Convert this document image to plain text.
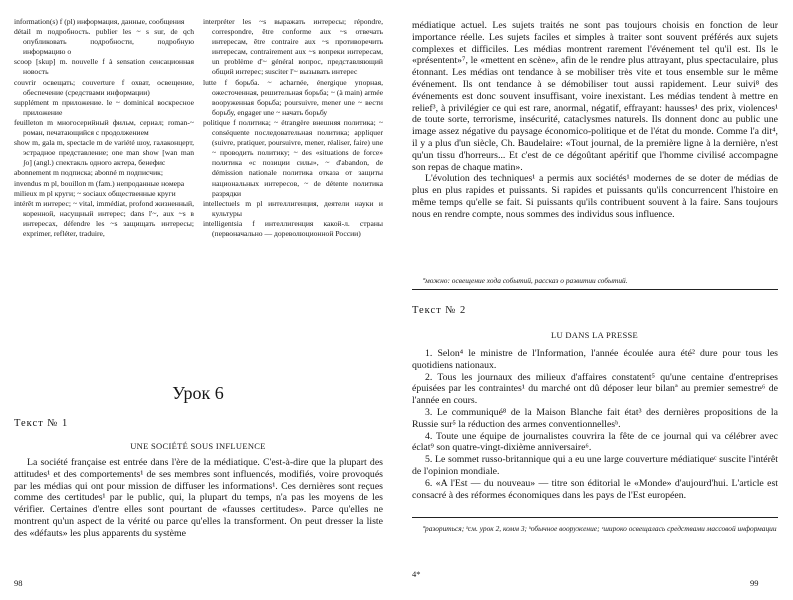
information(s) f (pl) информация, данные, сообщения
détail m подробность. publier les ~ s sur, de qch опубликовать подробности, подробную информацию о
scoop [skup] m. nouvelle f à sensation сенсационная новость
couvrir освещать; couverture f охват, освещение, обеспечение (средствами информации)
supplément m приложение. le ~ dominical воскресное приложение
feuilleton m многосерийный фильм, сериал; roman-~ роман, печатающийся с продолжением
show m, gala m, spectacle m de variété шоу, галаконцерт, эстрадное представление; one man show [wan man ʃo] (angl.) спектакль одного актера, бенефис
abonnement m подписка; abonné m подписчик;
invendus m pl, bouillon m (fam.) непроданные номера
milieux m pl круги; ~ sociaux общественные круги
intérêt m интерес; ~ vital, immédiat, profond жизненный, коренной, насущный интерес; dans l'~, aux ~s в интересах, défendre les ~s защищать интересы; exprimer, refléter, traduire,
interpréter les ~s выражать интересы; répondre, correspondre, être conforme aux ~s отвечать интересам, être contraire aux ~s противоречить интересам, contrairement aux ~s вопреки интересам, un problème d'~ général вопрос, представляющий общий интерес; susciter l'~ вызывать интерес
lutte f борьба. ~ acharnée, énergique упорная, ожесточенная, решительная борьба; ~ (à main) armée вооруженная борьба; poursuivre, mener une ~ вести борьбу, engager une ~ начать борьбу
politique f политика; ~ étrangère внешняя политика; ~ conséquente последовательная политика; appliquer (suivre, pratiquer, poursuivre, mener, réaliser, faire) une ~ проводить политику; ~ des «situations de force» политика «с позиции силы», ~ d'abandon, de démission nationale политика отказа от защиты национальных интересов, ~ de détente политика разрядки
intellectuels m pl интеллигенция, деятели науки и культуры
intelligentsia f интеллигенция какой-л. страны (первоначально — дореволюционной России)
Урок 6
Текст № 1
UNE SOCIÉTÉ SOUS INFLUENCE

La société française est entrée dans l'ère de la médiatique. C'est-à-dire que la plupart des attitudes¹ et des comportements¹ de ses membres sont influencés, modifiés, voire provoqués par les médias qui ont pour mission de diffuser les informations¹. Ces dernières sont reçues comme des certitudes¹ par le public, qui, la plupart du temps, n'a pas les moyens de les vérifier. Certaines d'entre elles sont pourtant de «fausses certitudes». Parce qu'elles ne montrent qu'un aspect de la vérité ou parce qu'elles la transforment. On peut dresser la liste des «défauts» les plus apparents du système

98

médiatique actuel. Les sujets traités ne sont pas toujours choisis en fonction de leur importance réelle. Les sujets faciles et simples à traiter sont souvent préférés aux sujets complexes et difficiles. Les médias montrent rarement l'événement tel qu'il est. Ils le «présentent»⁷, le «mettent en scène», afin de le rendre plus attrayant, plus spectaculaire, plus étonnant. Les médias ont tendance à se mobiliser très vite et tous ensemble sur le même événement. Ils ont tendance à se démobiliser tout aussi rapidement. Leur suivi⁸ des événements est donc souvent insuffisant, voire inexistant. Les médias tendent à mettre en relief³, à privilégier ce qui est rare, anormal, négatif, effrayant: hausses¹ des prix, violences¹ de toute sorte, terrorisme, insécurité, cataclysmes naturels. Ils donnent donc au public une image assez négative du paysage économico-politique et de l'état du monde. Comme l'a dit⁴, il y a plus d'un siècle, Ch. Baudelaire: «Tout journal, de la première ligne à la dernière, n'est qu'un tissu d'horreurs... Et c'est de ce dégoûtant apéritif que l'homme civilisé accompagne son repas de chaque matin».

L'évolution des techniques¹ a permis aux sociétés¹ modernes de se doter de médias de plus en plus rapides et puissants. Si rapides et puissants qu'ils concurrencent l'histoire en même temps qu'elle se fait. Si puissants qu'ils contribuent souvent à la faire. Sans toujours nous en rendre compte, nous sommes des individus sous influence.

ªможно: освещение хода событий, рассказ о развитии событий.
Текст № 2
LU DANS LA PRESSE

1. Selon⁴ le ministre de l'Information, l'année écoulée aura été² dure pour tous les quotidiens nationaux.

2. Tous les journaux des milieux d'affaires constatent⁵ qu'une centaine d'entreprises épuisées par les contraintes¹ du marché ont dû déposer leur bilanª au premier semestre⁶ de l'année en cours.

3. Le communiqué⁸ de la Maison Blanche fait état³ des dernières propositions de la Russie sur⁵ la réduction des armes conventionnellesᵇ.

4. Toute une équipe de journalistes couvrira la fête de ce journal qui va célébrer avec éclat⁹ son quatre-vingt-dixième anniversaire⁶.

5. Le sommet russo-britannique qui a eu une large couverture médiatiqueᶜ suscite l'intérêt de l'opinion mondiale.

6. «A l'Est — du nouveau» — titre son éditorial le «Monde» d'aujourd'hui. L'article est consacré à des réformes économiques dans les pays de l'Est européen.

ªразориться; ᵇсм. урок 2, комм 3; ᵇобычное вооружение; ᶜшироко освещалась средствами массовой информации
4*
99
